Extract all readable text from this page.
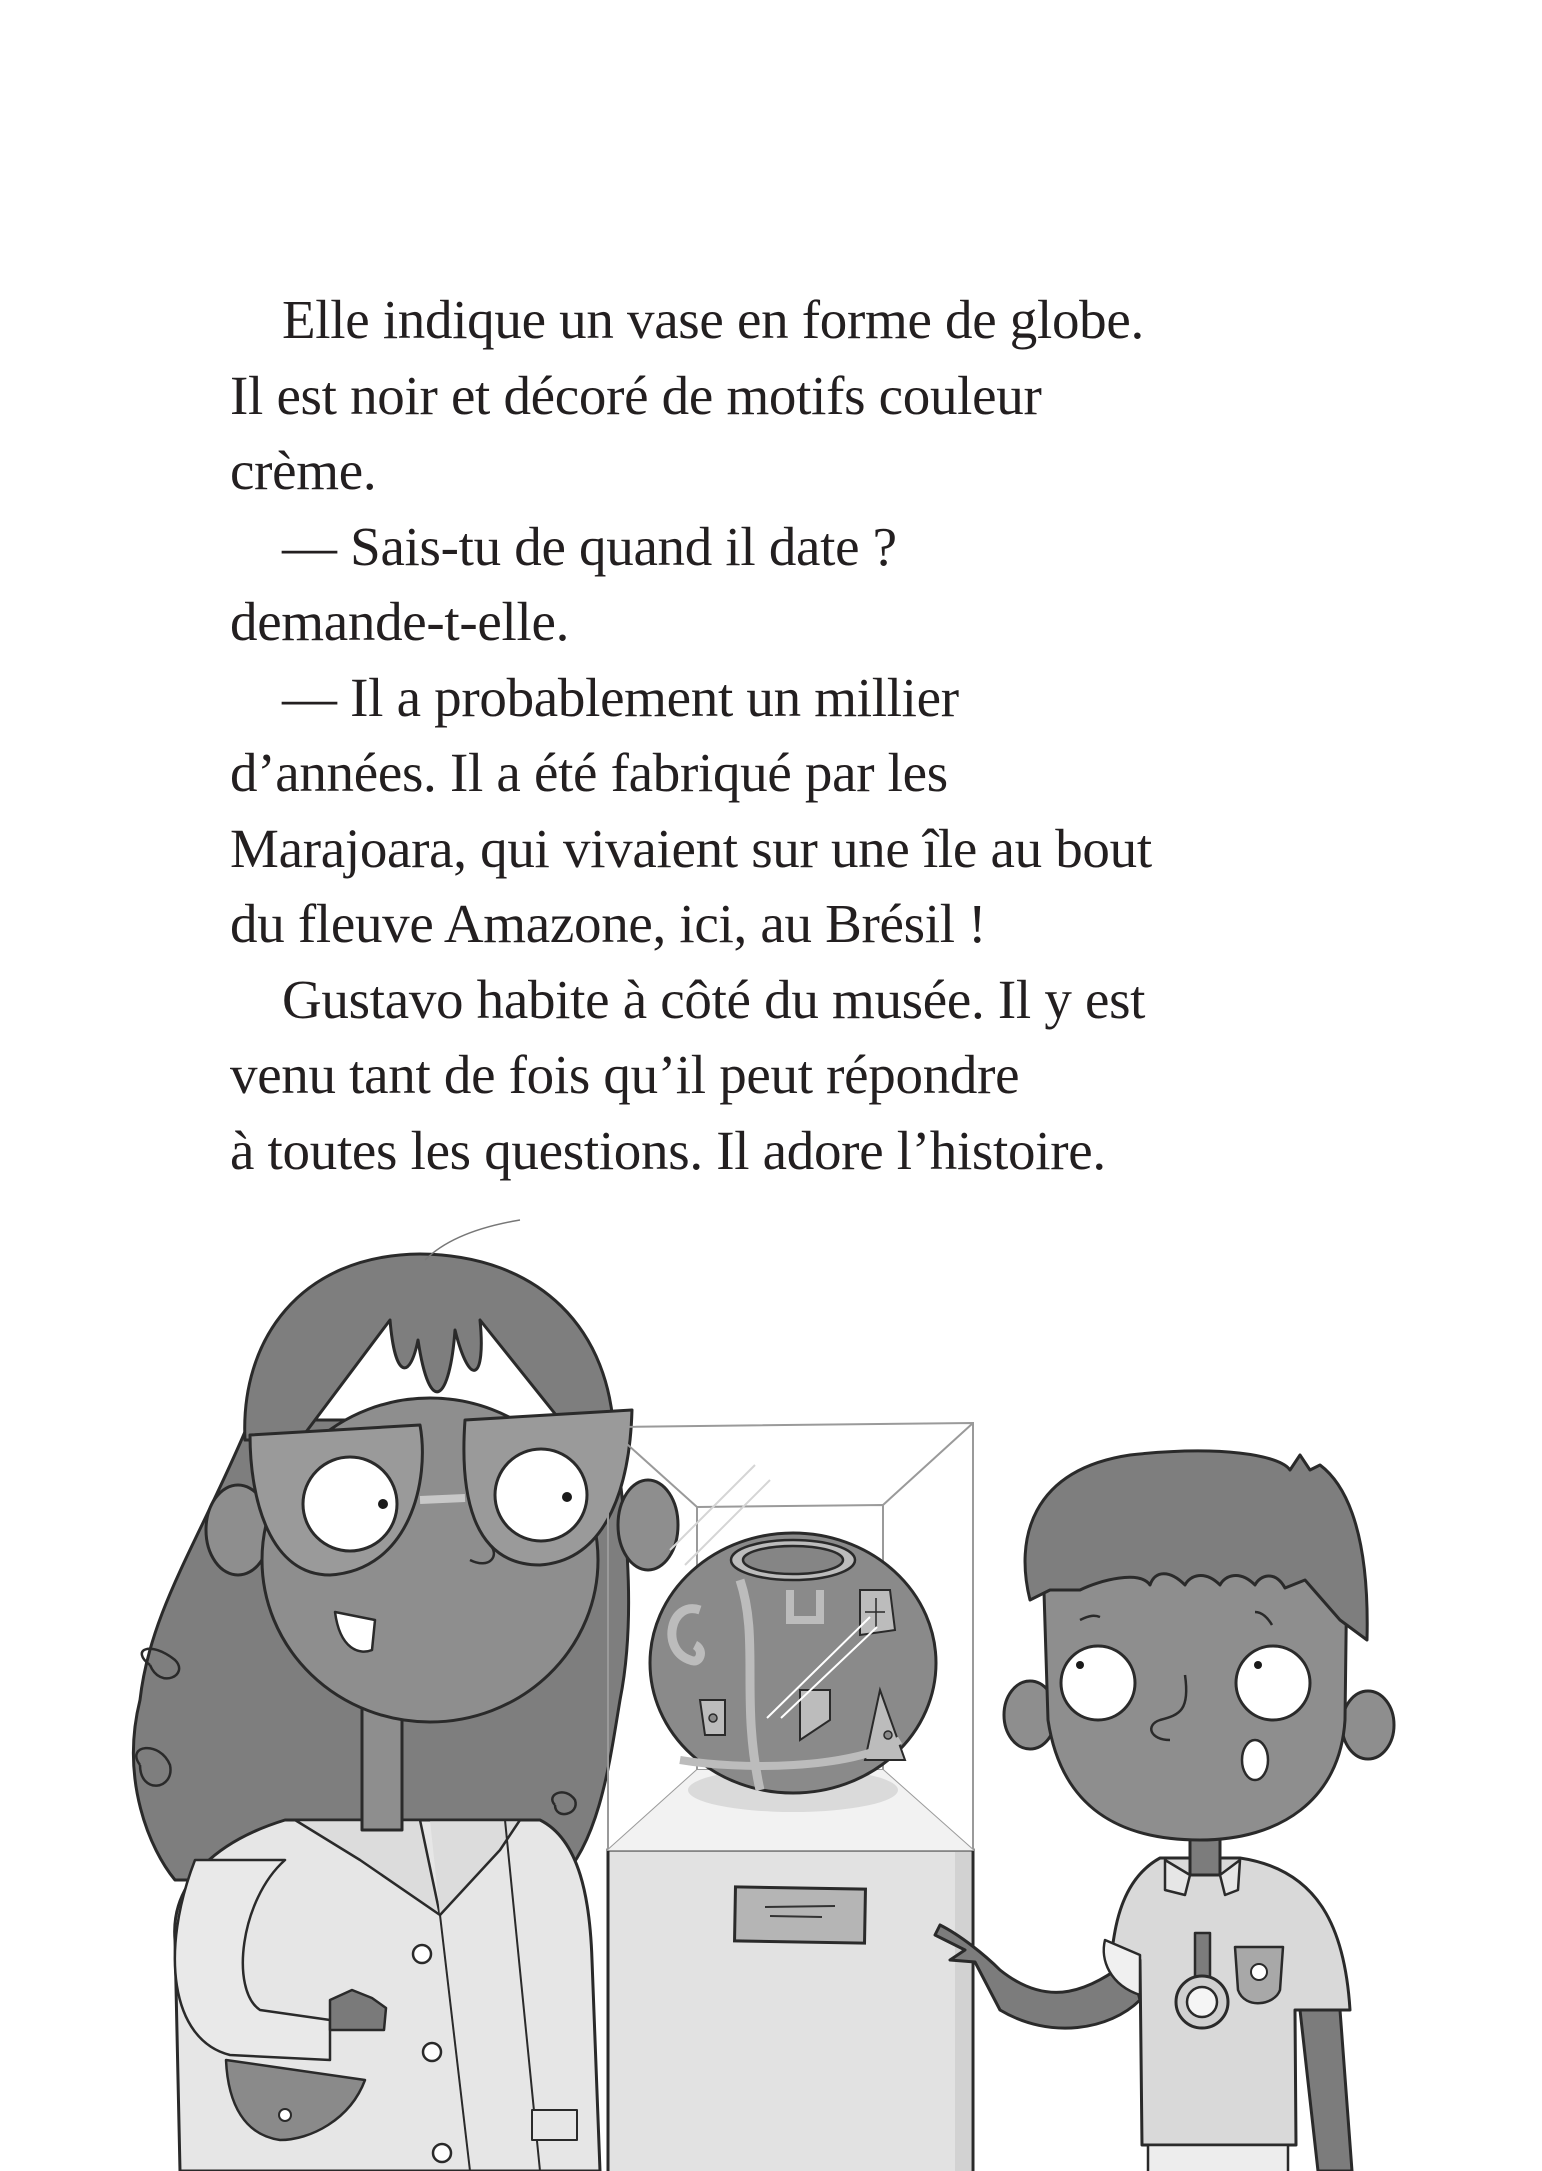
Elle indique un vase en forme de globe.
Il est noir et décoré de motifs couleur
crème.
— Sais-tu de quand il date ?
demande-t-elle.
— Il a probablement un millier
d’années. Il a été fabriqué par les
Marajoara, qui vivaient sur une île au bout
du fleuve Amazone, ici, au Brésil !
Gustavo habite à côté du musée. Il y est
venu tant de fois qu’il peut répondre
à toutes les questions. Il adore l’histoire.
